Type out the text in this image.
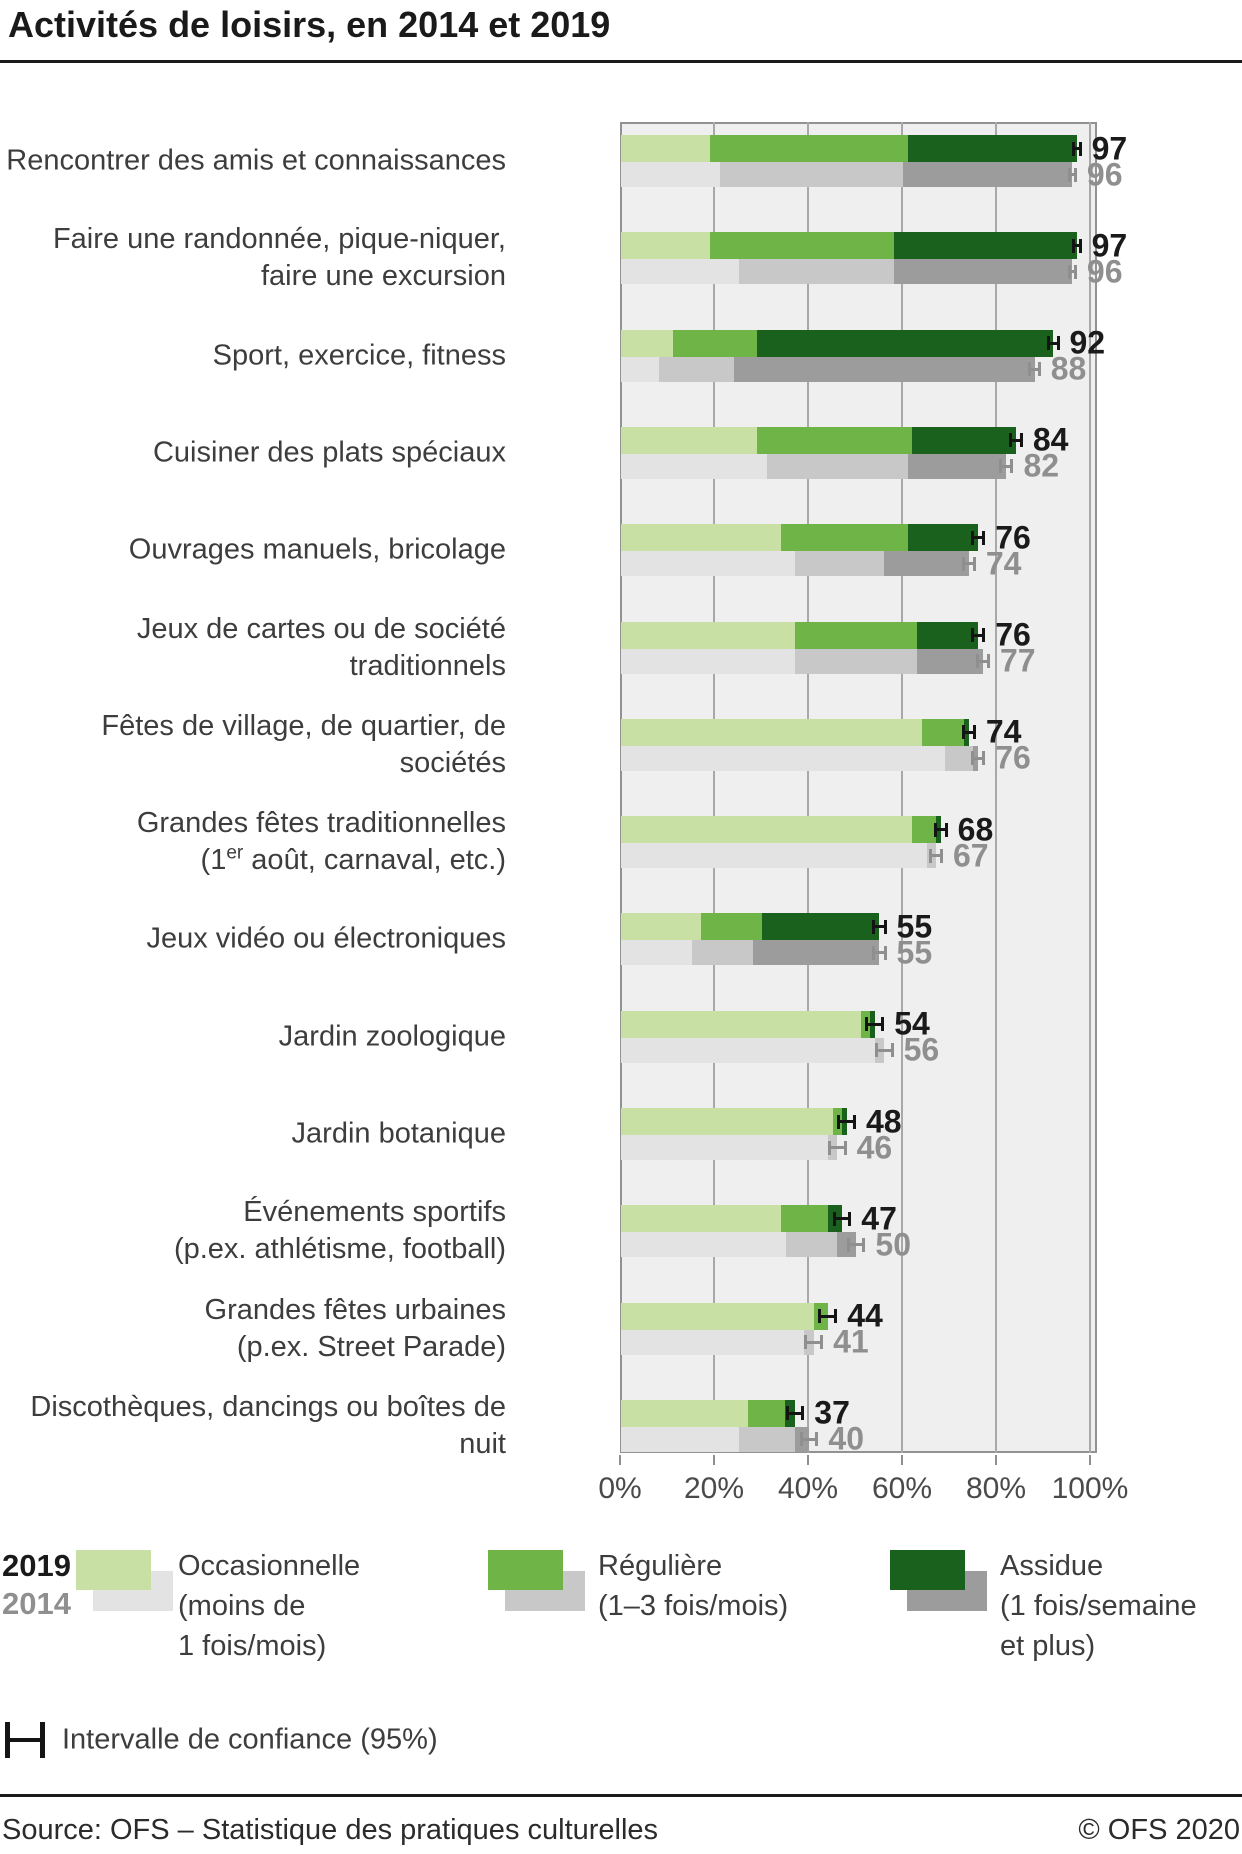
Activités de loisirs, en 2014 et 2019
0%	20%	40%	60%	80% 100%
Rencontrer des amis et connaissances	97
96
Faire une randonnée, pique-niquer,
faire une excursion
97
96
Sport, exercice, fitness	92
88
Cuisiner des plats spéciaux	84
82
Ouvrages manuels, bricolage	76
74
Jeux de cartes ou de société traditionnels
76
77
Fêtes de village, de quartier, de sociétés
74
76
Grandes fêtes traditionnelles
(1er août, carnaval, etc.)
68
67
Jeux vidéo ou électroniques	55
55
Jardin zoologique	54
56
Jardin botanique	48
46
Événements sportifs
(p.ex. athlétisme, football)
47
50
Grandes fêtes urbaines
(p.ex. Street Parade)
44
41
Discothèques, dancings ou boîtes de nuit
37
40
Occasionnelle
(moins de
1 fois/mois)
Régulière
(1–3 fois/mois)
Assidue
(1 fois/semaine
et plus)
2019
2014
Intervalle de confiance (95%)
Source: OFS – Statistique des pratiques culturelles	© OFS 2020
